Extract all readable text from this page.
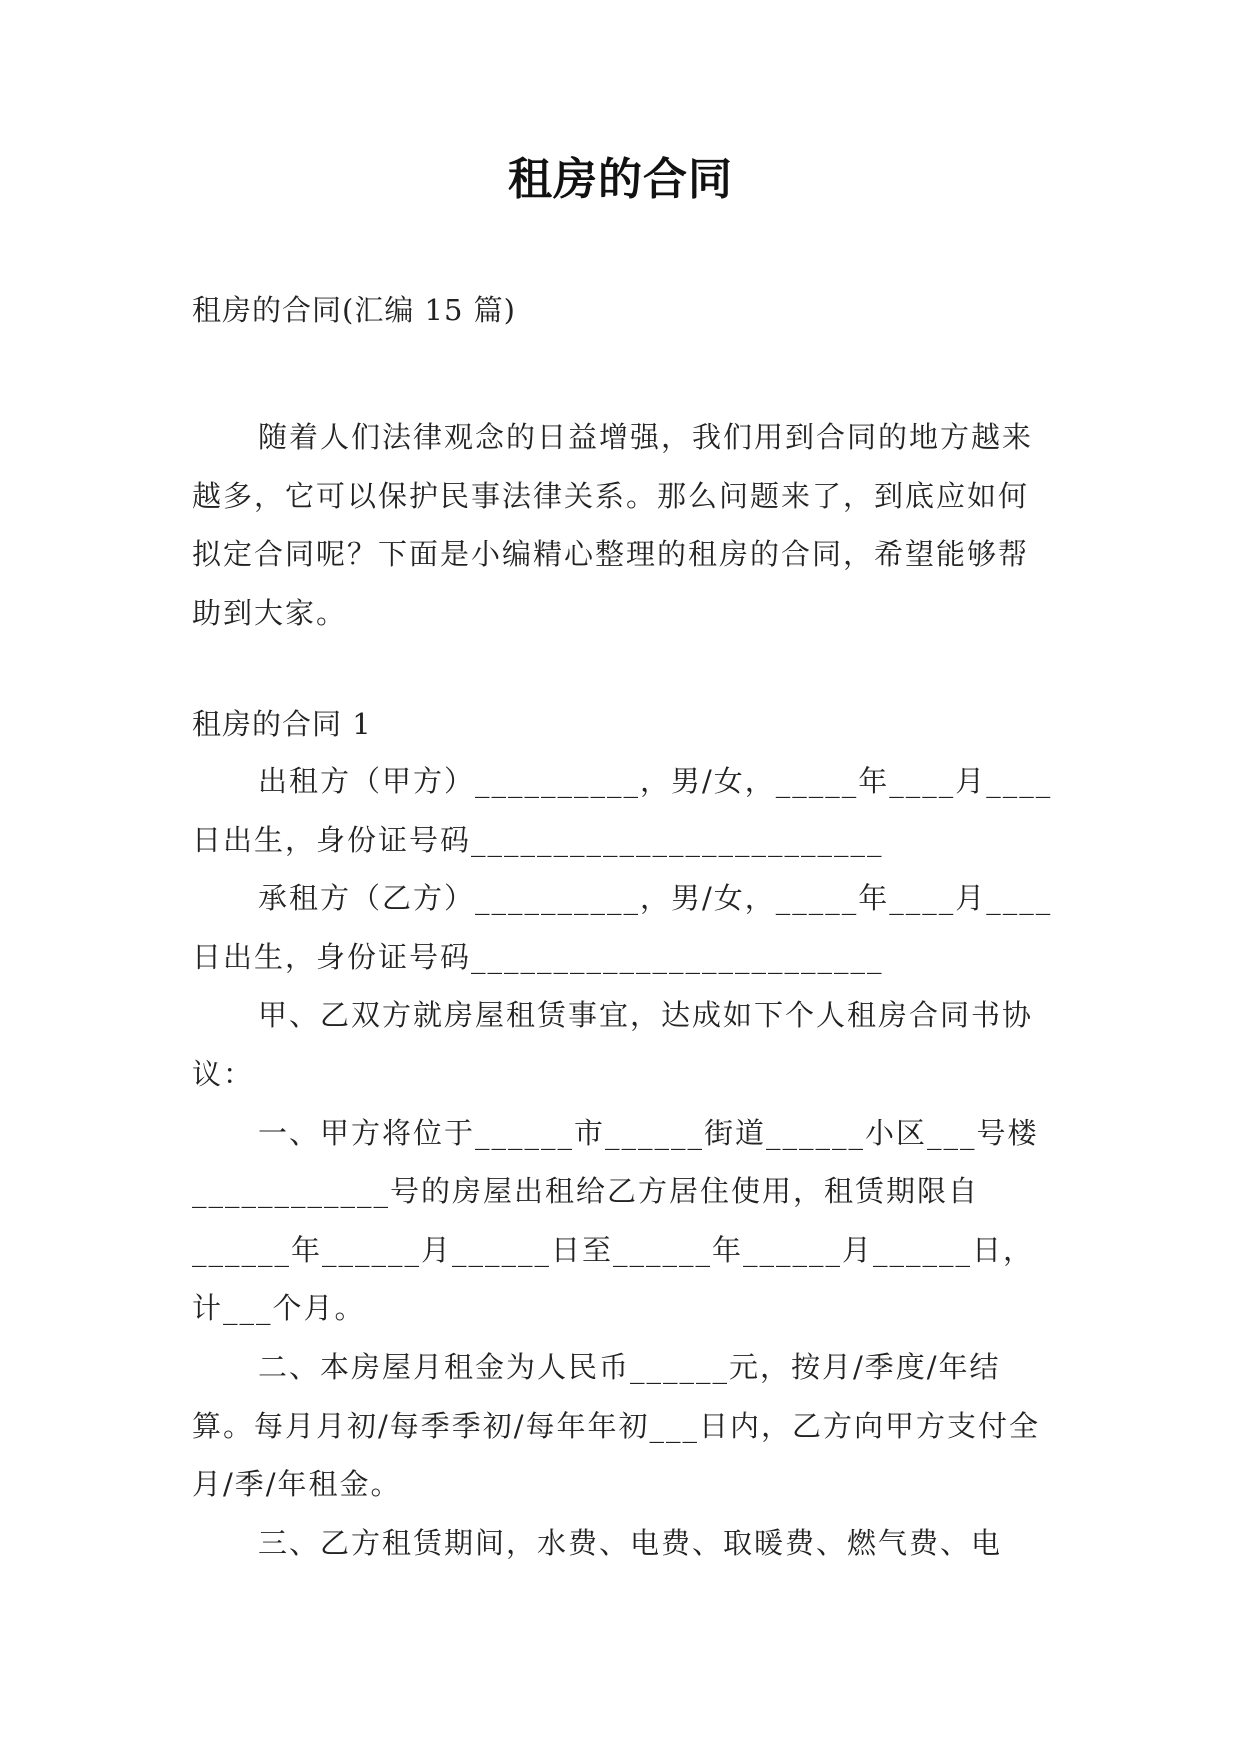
租房的合同
租房的合同(汇编 15 篇)

随着人们法律观念的日益增强，我们用到合同的地方越来越多，它可以保护民事法律关系。那么问题来了，到底应如何拟定合同呢？下面是小编精心整理的租房的合同，希望能够帮助到大家。

租房的合同 1

出租方（甲方）__________，男/女，_____年____月____日出生，身份证号码_________________________

承租方（乙方）__________，男/女，_____年____月____日出生，身份证号码_________________________

甲、乙双方就房屋租赁事宜，达成如下个人租房合同书协议：

一、甲方将位于______市______街道______小区___号楼____________号的房屋出租给乙方居住使用，租赁期限自______年______月______日至______年______月______日，计___个月。

二、本房屋月租金为人民币______元，按月/季度/年结算。每月月初/每季季初/每年年初___日内，乙方向甲方支付全月/季/年租金。

三、乙方租赁期间，水费、电费、取暖费、燃气费、电
